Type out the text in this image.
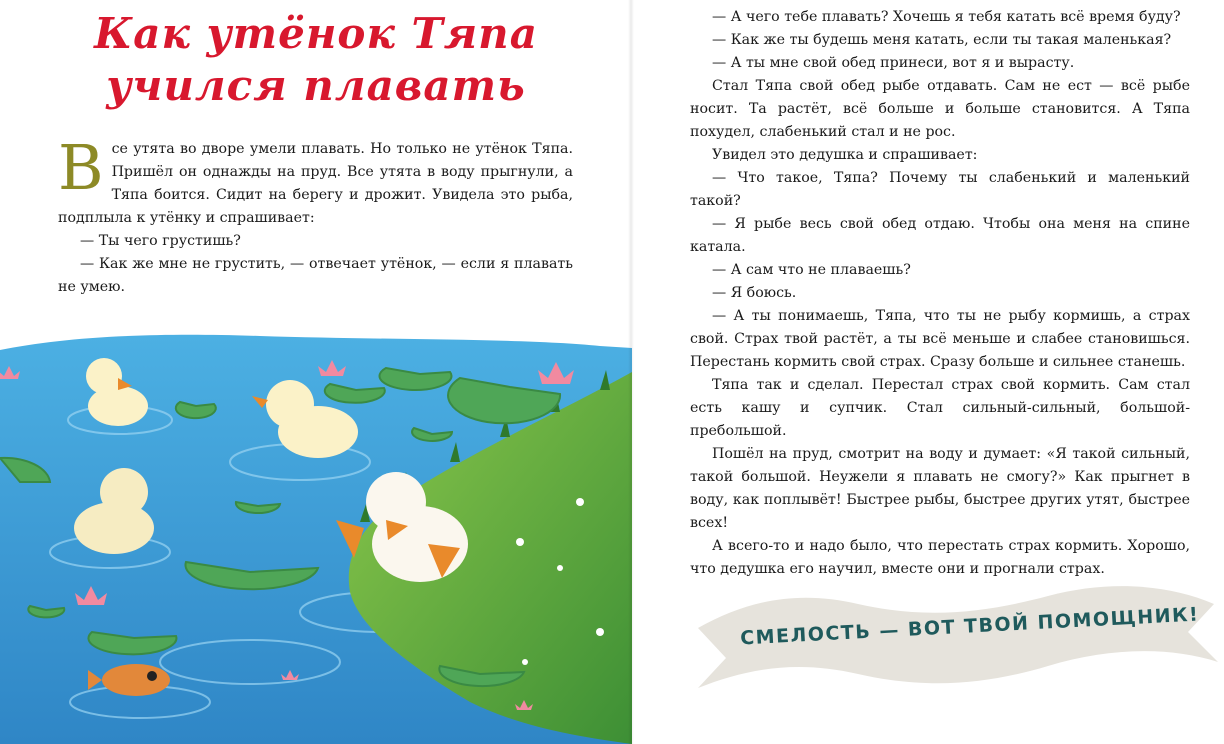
Как утёнок Тяпа
учился плавать

Все утята во дворе умели плавать. Но только не утёнок Тяпа. Пришёл он однажды на пруд. Все утята в воду прыгнули, а Тяпа боится. Сидит на берегу и дрожит. Увидела это рыба, подплыла к утёнку и спрашивает:

— Ты чего грустишь?

— Как же мне не грустить, — отвечает утёнок, — если я плавать не умею.

— А чего тебе плавать? Хочешь я тебя катать всё время буду?

— Как же ты будешь меня катать, если ты такая маленькая?

— А ты мне свой обед принеси, вот я и вырасту.

Стал Тяпа свой обед рыбе отдавать. Сам не ест — всё рыбе носит. Та растёт, всё больше и больше становится. А Тяпа похудел, слабенький стал и не рос.

Увидел это дедушка и спрашивает:

— Что такое, Тяпа? Почему ты слабенький и маленький такой?

— Я рыбе весь свой обед отдаю. Чтобы она меня на спине катала.

— А сам что не плаваешь?

— Я боюсь.

— А ты понимаешь, Тяпа, что ты не рыбу кормишь, а страх свой. Страх твой растёт, а ты всё меньше и слабее становишься. Перестань кормить свой страх. Сразу больше и сильнее станешь.

Тяпа так и сделал. Перестал страх свой кормить. Сам стал есть кашу и супчик. Стал сильный-сильный, большой-пребольшой.

Пошёл на пруд, смотрит на воду и думает: «Я такой сильный, такой большой. Неужели я плавать не смогу?» Как прыгнет в воду, как поплывёт! Быстрее рыбы, быстрее других утят, быстрее всех!

А всего-то и надо было, что перестать страх кормить. Хорошо, что дедушка его научил, вместе они и прогнали страх.

СМЕЛОСТЬ — ВОТ ТВОЙ ПОМОЩНИК!
